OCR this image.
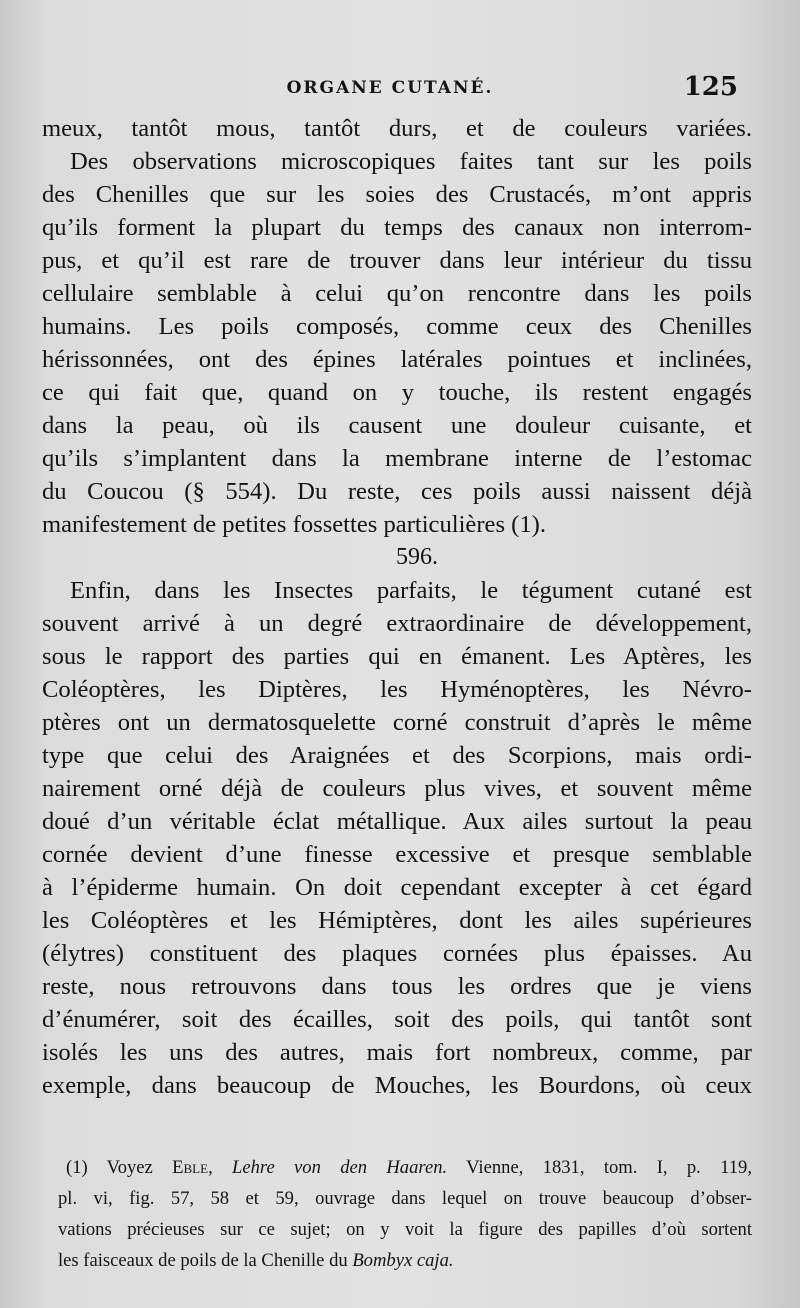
ORGANE CUTANÉ.	125
meux, tantôt mous, tantôt durs, et de couleurs variées.
Des observations microscopiques faites tant sur les poils
des Chenilles que sur les soies des Crustacés, m’ont appris
qu’ils forment la plupart du temps des canaux non interrom-
pus, et qu’il est rare de trouver dans leur intérieur du tissu
cellulaire semblable à celui qu’on rencontre dans les poils
humains. Les poils composés, comme ceux des Chenilles
hérissonnées, ont des épines latérales pointues et inclinées,
ce qui fait que, quand on y touche, ils restent engagés
dans la peau, où ils causent une douleur cuisante, et
qu’ils s’implantent dans la membrane interne de l’estomac
du Coucou (§ 554). Du reste, ces poils aussi naissent déjà
manifestement de petites fossettes particulières (1).
596.
Enfin, dans les Insectes parfaits, le tégument cutané est
souvent arrivé à un degré extraordinaire de développement,
sous le rapport des parties qui en émanent. Les Aptères, les
Coléoptères, les Diptères, les Hyménoptères, les Névro-
ptères ont un dermatosquelette corné construit d’après le même
type que celui des Araignées et des Scorpions, mais ordi-
nairement orné déjà de couleurs plus vives, et souvent même
doué d’un véritable éclat métallique. Aux ailes surtout la peau
cornée devient d’une finesse excessive et presque semblable
à l’épiderme humain. On doit cependant excepter à cet égard
les Coléoptères et les Hémiptères, dont les ailes supérieures
(élytres) constituent des plaques cornées plus épaisses. Au
reste, nous retrouvons dans tous les ordres que je viens
d’énumérer, soit des écailles, soit des poils, qui tantôt sont
isolés les uns des autres, mais fort nombreux, comme, par
exemple, dans beaucoup de Mouches, les Bourdons, où ceux
(1) Voyez Eble, Lehre von den Haaren. Vienne, 1831, tom. I, p. 119,
pl. vi, fig. 57, 58 et 59, ouvrage dans lequel on trouve beaucoup d’obser-
vations précieuses sur ce sujet; on y voit la figure des papilles d’où sortent
les faisceaux de poils de la Chenille du Bombyx caja.
